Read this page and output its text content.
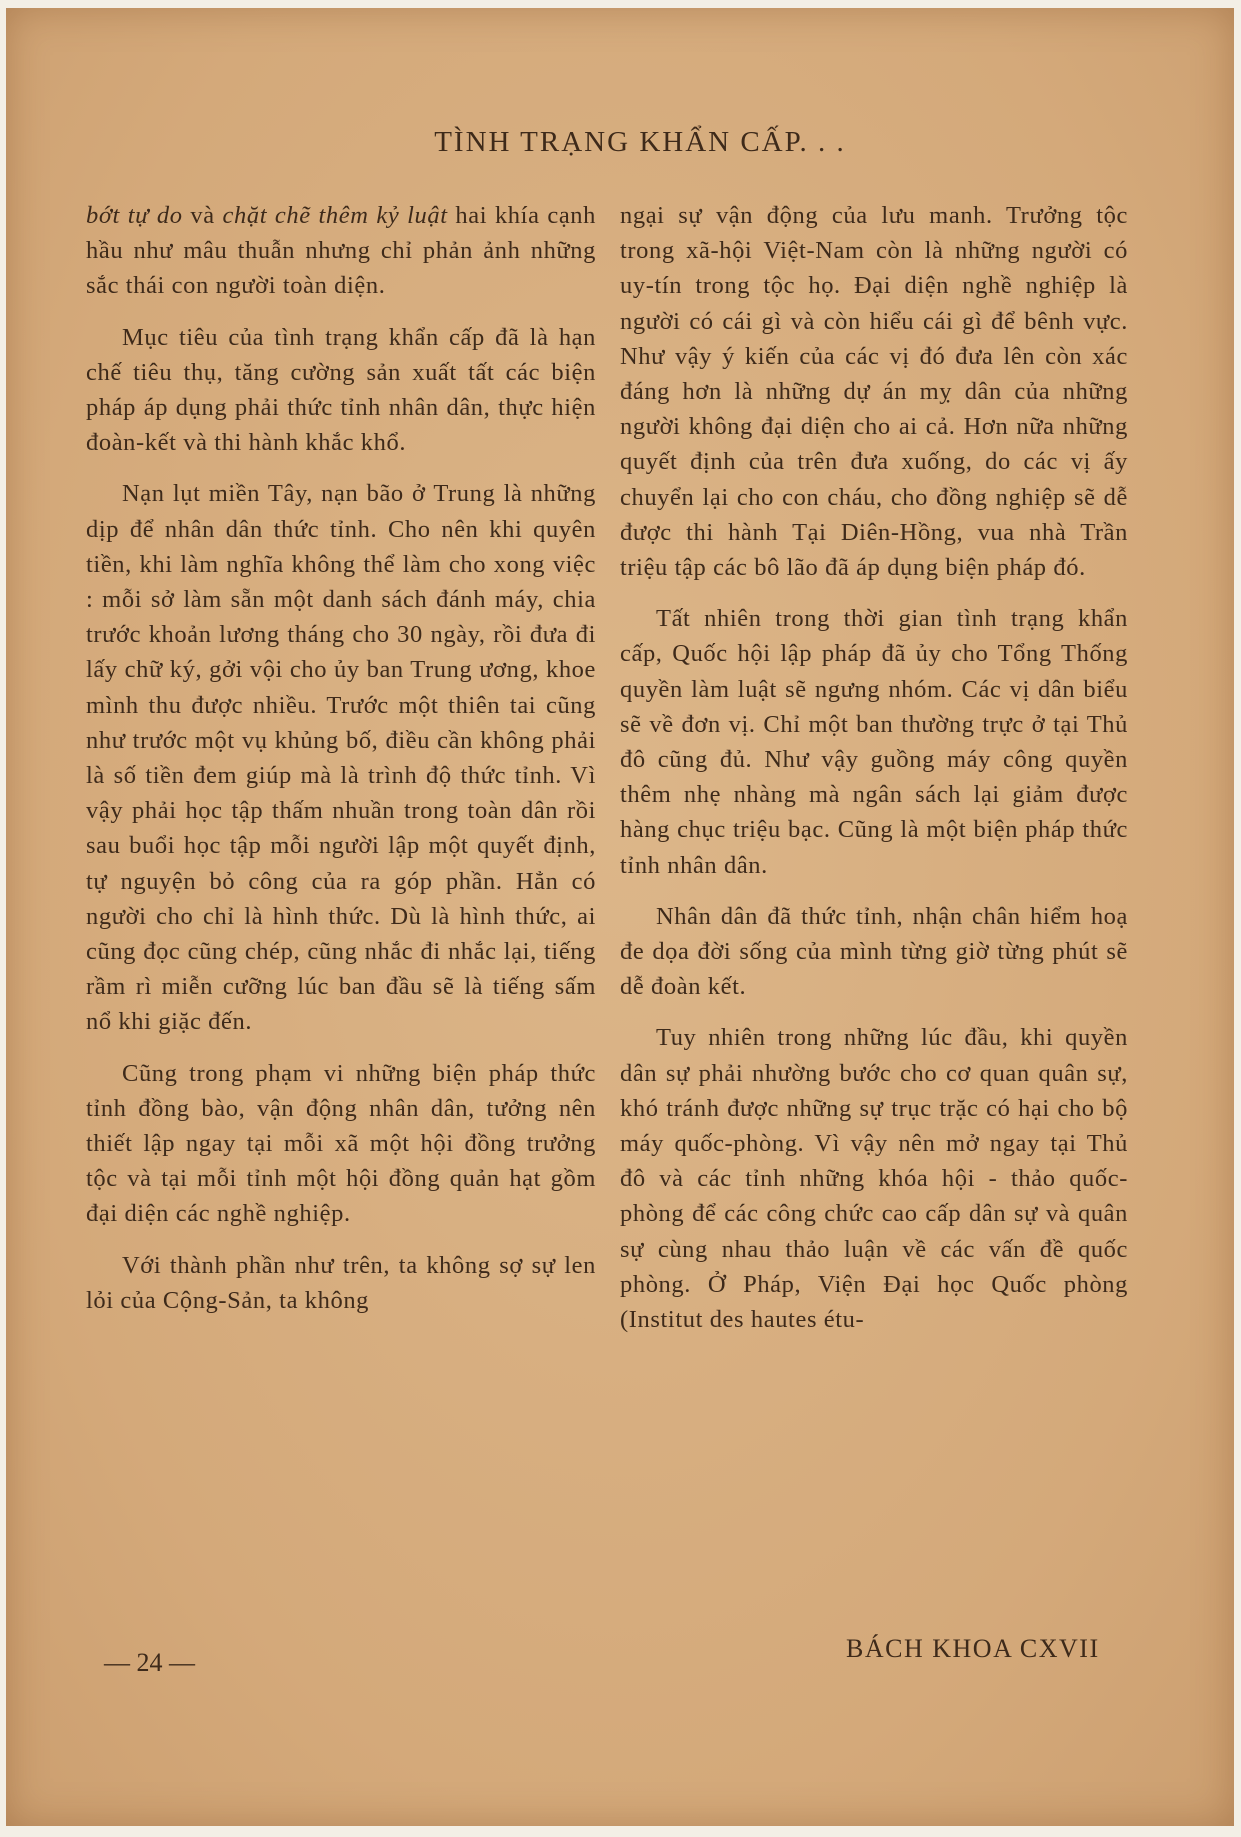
TÌNH TRẠNG KHẨN CẤP. . .

bớt tự do và chặt chẽ thêm kỷ luật hai khía cạnh hầu như mâu thuẫn nhưng chỉ phản ảnh những sắc thái con người toàn diện.

Mục tiêu của tình trạng khẩn cấp đã là hạn chế tiêu thụ, tăng cường sản xuất tất các biện pháp áp dụng phải thức tỉnh nhân dân, thực hiện đoàn-kết và thi hành khắc khổ.

Nạn lụt miền Tây, nạn bão ở Trung là những dịp để nhân dân thức tỉnh. Cho nên khi quyên tiền, khi làm nghĩa không thể làm cho xong việc : mỗi sở làm sẵn một danh sách đánh máy, chia trước khoản lương tháng cho 30 ngày, rồi đưa đi lấy chữ ký, gởi vội cho ủy ban Trung ương, khoe mình thu được nhiều. Trước một thiên tai cũng như trước một vụ khủng bố, điều cần không phải là số tiền đem giúp mà là trình độ thức tỉnh. Vì vậy phải học tập thấm nhuần trong toàn dân rồi sau buổi học tập mỗi người lập một quyết định, tự nguyện bỏ công của ra góp phần. Hẳn có người cho chỉ là hình thức. Dù là hình thức, ai cũng đọc cũng chép, cũng nhắc đi nhắc lại, tiếng rầm rì miễn cưỡng lúc ban đầu sẽ là tiếng sấm nổ khi giặc đến.

Cũng trong phạm vi những biện pháp thức tỉnh đồng bào, vận động nhân dân, tưởng nên thiết lập ngay tại mỗi xã một hội đồng trưởng tộc và tại mỗi tỉnh một hội đồng quản hạt gồm đại diện các nghề nghiệp.

Với thành phần như trên, ta không sợ sự len lỏi của Cộng-Sản, ta không

ngại sự vận động của lưu manh. Trưởng tộc trong xã-hội Việt-Nam còn là những người có uy-tín trong tộc họ. Đại diện nghề nghiệp là người có cái gì và còn hiểu cái gì để bênh vực. Như vậy ý kiến của các vị đó đưa lên còn xác đáng hơn là những dự án mỵ dân của những người không đại diện cho ai cả. Hơn nữa những quyết định của trên đưa xuống, do các vị ấy chuyển lại cho con cháu, cho đồng nghiệp sẽ dễ được thi hành Tại Diên-Hồng, vua nhà Trần triệu tập các bô lão đã áp dụng biện pháp đó.

Tất nhiên trong thời gian tình trạng khẩn cấp, Quốc hội lập pháp đã ủy cho Tổng Thống quyền làm luật sẽ ngưng nhóm. Các vị dân biểu sẽ về đơn vị. Chỉ một ban thường trực ở tại Thủ đô cũng đủ. Như vậy guồng máy công quyền thêm nhẹ nhàng mà ngân sách lại giảm được hàng chục triệu bạc. Cũng là một biện pháp thức tỉnh nhân dân.

Nhân dân đã thức tỉnh, nhận chân hiểm hoạ đe dọa đời sống của mình từng giờ từng phút sẽ dễ đoàn kết.

Tuy nhiên trong những lúc đầu, khi quyền dân sự phải nhường bước cho cơ quan quân sự, khó tránh được những sự trục trặc có hại cho bộ máy quốc-phòng. Vì vậy nên mở ngay tại Thủ đô và các tỉnh những khóa hội - thảo quốc-phòng để các công chức cao cấp dân sự và quân sự cùng nhau thảo luận về các vấn đề quốc phòng. Ở Pháp, Viện Đại học Quốc phòng (Institut des hautes étu-

— 24 —	BÁCH KHOA CXVII
